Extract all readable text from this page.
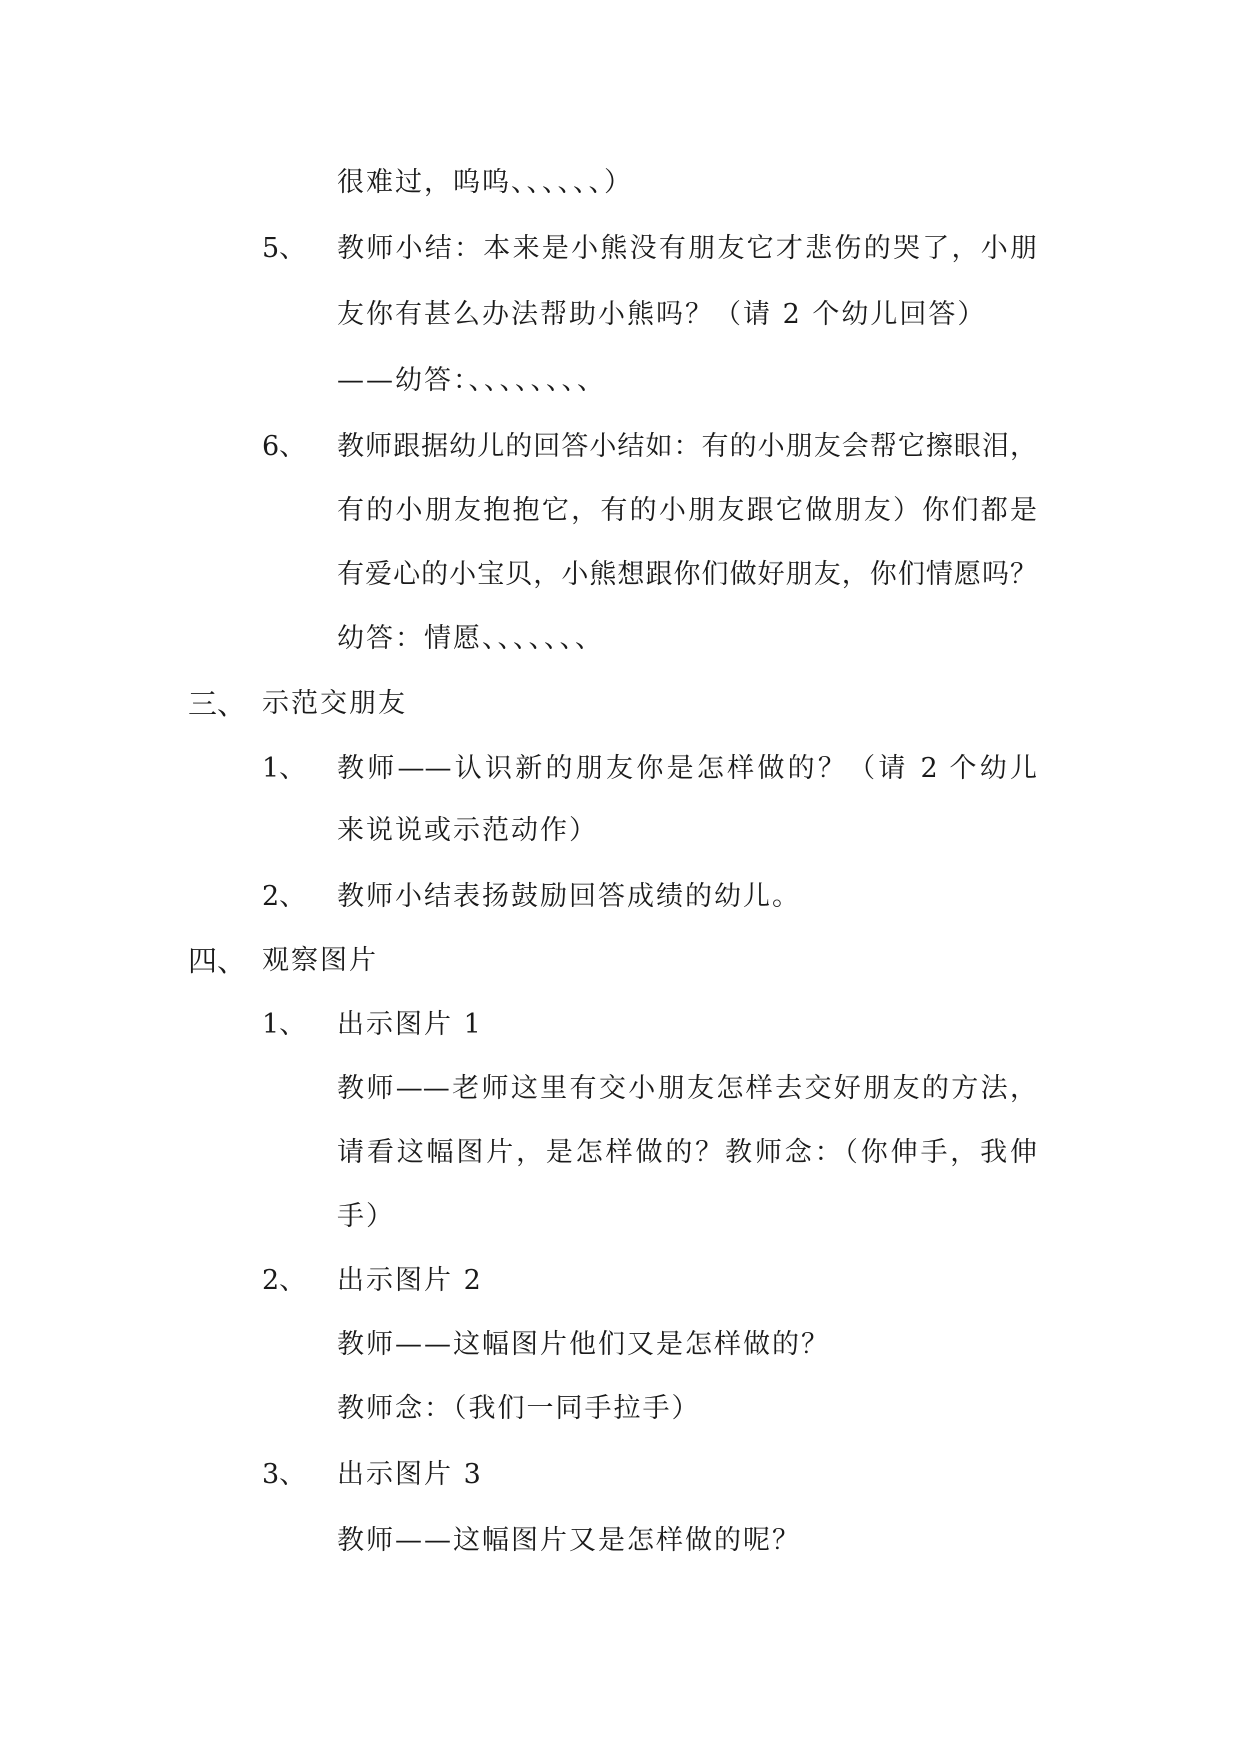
很难过，呜呜、、、、、、）
5、 教师小结：本来是小熊没有朋友它才悲伤的哭了，小朋
友你有甚么办法帮助小熊吗？（请 2 个幼儿回答）
——幼答：、、、、、、、、
6、 教师跟据幼儿的回答小结如：有的小朋友会帮它擦眼泪，
有的小朋友抱抱它，有的小朋友跟它做朋友）你们都是
有爱心的小宝贝，小熊想跟你们做好朋友，你们情愿吗？
幼答：情愿、、、、、、、
三、 示范交朋友
1、 教师——认识新的朋友你是怎样做的？（请 2 个幼儿
来说说或示范动作）
2、 教师小结表扬鼓励回答成绩的幼儿。
四、 观察图片
1、 出示图片 1
教师——老师这里有交小朋友怎样去交好朋友的方法，
请看这幅图片，是怎样做的？教师念：（你伸手，我伸
手）
2、 出示图片 2
教师——这幅图片他们又是怎样做的？
教师念：（我们一同手拉手）
3、 出示图片 3
教师——这幅图片又是怎样做的呢？
